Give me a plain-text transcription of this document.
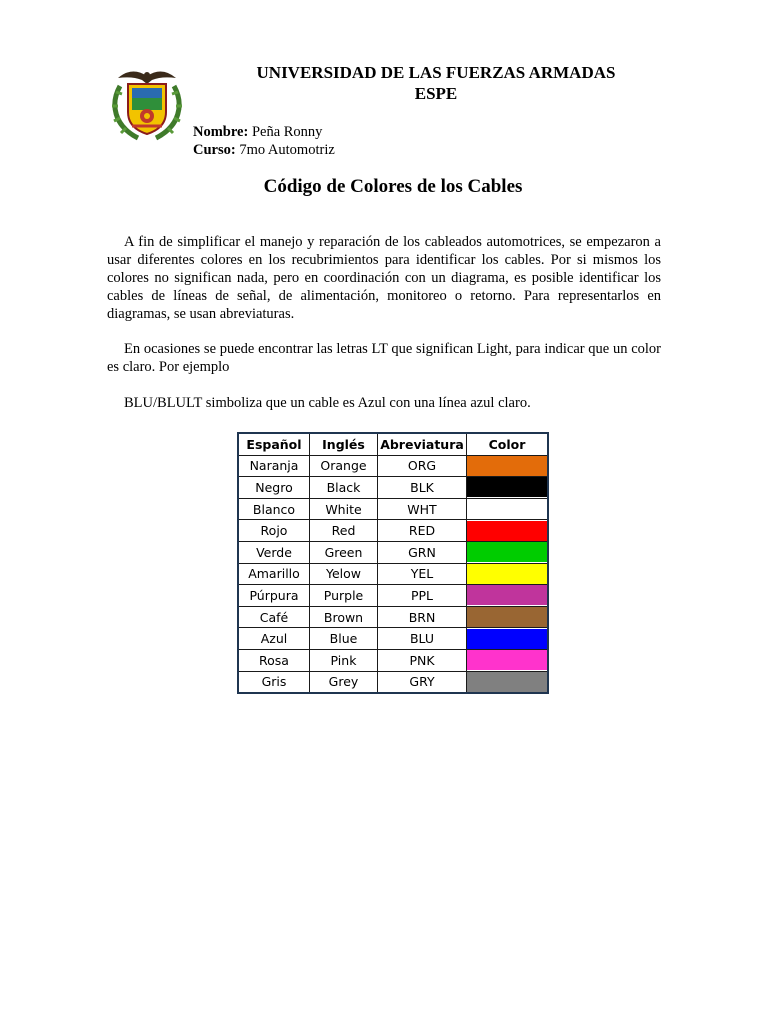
UNIVERSIDAD DE LAS FUERZAS ARMADAS
ESPE
Nombre: Peña Ronny
Curso: 7mo Automotriz
Código de Colores de los Cables

A fin de simplificar el manejo y reparación de los cableados automotrices, se empezaron a usar diferentes colores en los recubrimientos para identificar los cables. Por si mismos los colores no significan nada, pero en coordinación con un diagrama, es posible identificar los cables de líneas de señal, de alimentación, monitoreo o retorno. Para representarlos en diagramas, se usan abreviaturas.

En ocasiones se puede encontrar las letras LT que significan Light, para indicar que un color es claro. Por ejemplo

BLU/BLULT simboliza que un cable es Azul con una línea azul claro.

Español	Inglés	Abreviatura	Color
Naranja	Orange	ORG	

Negro	Black	BLK	

Blanco	White	WHT	

Rojo	Red	RED	

Verde	Green	GRN	

Amarillo	Yelow	YEL	

Púrpura	Purple	PPL	

Café	Brown	BRN	

Azul	Blue	BLU	

Rosa	Pink	PNK	

Gris	Grey	GRY	
